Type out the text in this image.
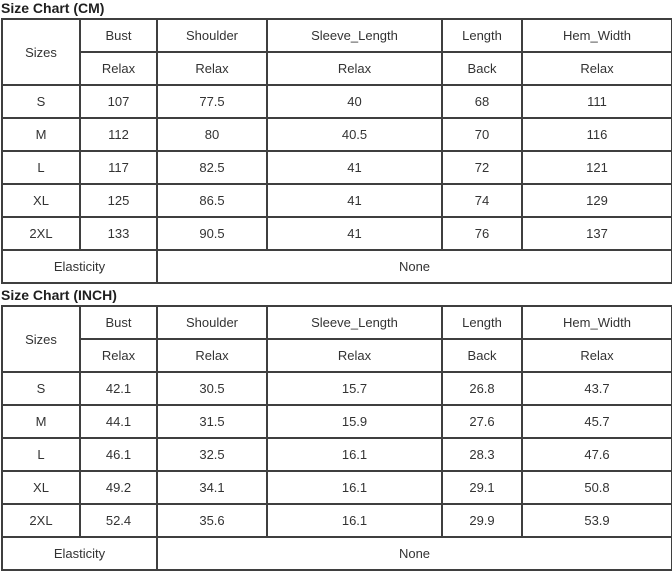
Size Chart (CM)
Sizes	Bust	Shoulder	Sleeve_Length	Length	Hem_Width
	Relax	Relax	Relax	Back	Relax
S	107	77.5	40	68	111
M	112	80	40.5	70	116
L	117	82.5	41	72	121
XL	125	86.5	41	74	129
2XL	133	90.5	41	76	137
Elasticity		None			
Size Chart (INCH)
Sizes	Bust	Shoulder	Sleeve_Length	Length	Hem_Width
	Relax	Relax	Relax	Back	Relax
S	42.1	30.5	15.7	26.8	43.7
M	44.1	31.5	15.9	27.6	45.7
L	46.1	32.5	16.1	28.3	47.6
XL	49.2	34.1	16.1	29.1	50.8
2XL	52.4	35.6	16.1	29.9	53.9
Elasticity		None			
